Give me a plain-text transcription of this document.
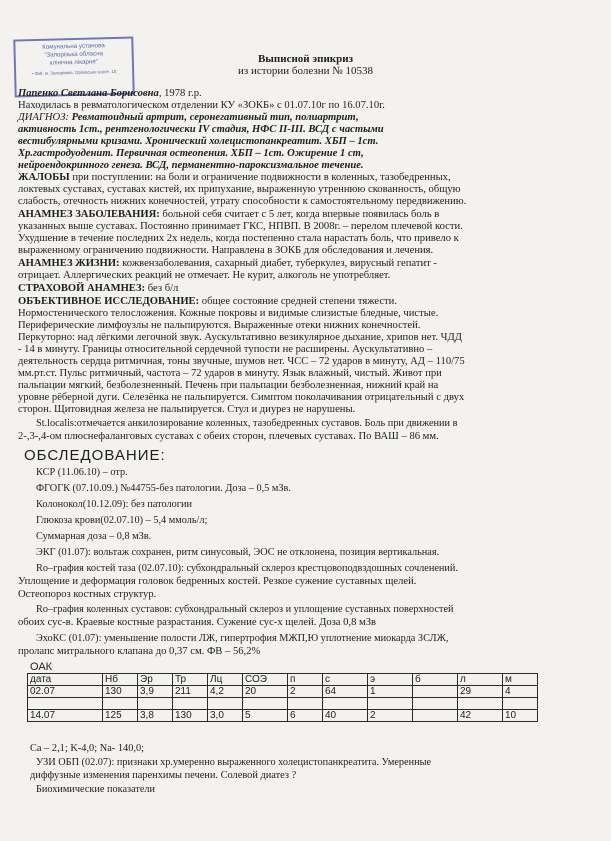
Комунальна установа
"Запорізька обласна
клінічна лікарня"
• 069, м. Запоріжжя, Оріхівське шосе, 10
Выписной эпикриз
из истории болезни № 10538
Папенко Светлана Борисовна, 1978 г.р.
Находилась в ревматологическом отделении КУ «ЗОКБ» с 01.07.10г по 16.07.10г.
ДИАГНОЗ: Ревматоидный артрит, серонегативный тип, полиартрит,
активность 1ст., рентгенологически IV стадия, НФС II-III. ВСД с частыми
вестибулярными кризами. Хронический холецистопанкреатит. ХБП – 1ст.
Хр.гастродуоденит. Первичная остеопения. ХБП – 1ст. Ожирение 1 ст,
нейроендокринного генеза. ВСД, перманентно-пароксизмальное течение.
ЖАЛОБЫ при поступлении: на боли и ограничение подвижности в коленных, тазобедренных,
локтевых суставах, суставах кистей, их припухание, выраженную утреннюю скованность, общую
слабость, отечность нижних конечностей, утрату способности к самостоятельному передвижению.
АНАМНЕЗ ЗАБОЛЕВАНИЯ: больной себя считает с 5 лет, когда впервые появилась боль в
указанных выше суставах. Постоянно принимает ГКС, НПВП. В 2008г. – перелом плечевой кости.
Ухудшение в течение последних 2х недель, когда постепенно стала нарастать боль, что привело к
выраженному ограничению подвижности. Направлена в ЗОКБ для обследования и лечения.
АНАМНЕЗ ЖИЗНИ: кожвензаболевания, сахарный диабет, туберкулез, вирусный гепатит -
отрицает. Аллергических реакций не отмечает. Не курит, алкоголь не употребляет.
СТРАХОВОЙ АНАМНЕЗ: без б/л
ОБЪЕКТИВНОЕ ИССЛЕДОВАНИЕ: общее состояние средней степени тяжести.
Нормостенического телосложения. Кожные покровы и видимые слизистые бледные, чистые.
Периферические лимфоузлы не пальпируются. Выраженные отеки нижних конечностей.
Перкуторно: над лёгкими легочной звук. Аускультативно везикулярное дыхание, хрипов нет. ЧДД
- 14 в минуту. Границы относительной сердечной тупости не расширены. Аускультативно –
деятельность сердца ритмичная, тоны звучные, шумов нет. ЧСС – 72 ударов в минуту, АД – 110/75
мм.рт.ст. Пульс ритмичный, частота – 72 ударов в минуту. Язык влажный, чистый. Живот при
пальпации мягкий, безболезненный. Печень при пальпации безболезненная, нижний край на
уровне рёберной дуги. Селезёнка не пальпируется. Симптом поколачивания отрицательный с двух
сторон. Щитовидная железа не пальпируется. Стул и диурез не нарушены.
St.localis:отмечается анкилозирование коленных, тазобедренных суставов. Боль при движении в
2-,3-,4-ом плюснефаланговых суставах с обеих сторон, плечевых суставах. По ВАШ – 86 мм.
ОБСЛЕДОВАНИЕ:
КСР (11.06.10) – отр.
ФГОГК (07.10.09.) №44755-без патологии. Доза – 0,5 мЗв.
Колонокол(10.12.09): без патологии
Глюкоза крови(02.07.10) – 5,4 ммоль/л;
Суммарная доза – 0,8 мЗв.
ЭКГ (01.07): вольтаж сохранен, ритм синусовый, ЭОС не отклонена, позиция вертикальная.
Ro–графия костей таза (02.07.10): субхондральный склероз крестцовоподвздошных сочленений.
Уплощение и деформация головок бедренных костей. Резкое сужение суставных щелей.
Остеопороз костных структур.
Ro–графия коленных суставов: субхондральный склероз и уплощение суставных поверхностей
обоих сус-в. Краевые костные разрастания. Сужение сус-х щелей. Доза 0,8 мЗв
ЭхоКС (01.07): уменьшение полости ЛЖ, гипертрофия МЖП,Ю уплотнение миокарда ЗСЛЖ,
пролапс митрального клапана до 0,37 см. ФВ – 56,2%
ОАК
дата	Нб	Эр	Тр	Лц	СОЭ	п	с	э	б	л	м
02.07	130	3,9	211	4,2	20	2	64	1		29	4

14.07	125	3,8	130	3,0	5	6	40	2		42	10
Ca – 2,1; K-4,0; Na- 140,0;
УЗИ ОБП (02.07): признаки хр.умеренно выраженного холецистопанкреатита. Умеренные
диффузные изменения паренхимы печени. Солевой диатез ?
Биохимические показатели
